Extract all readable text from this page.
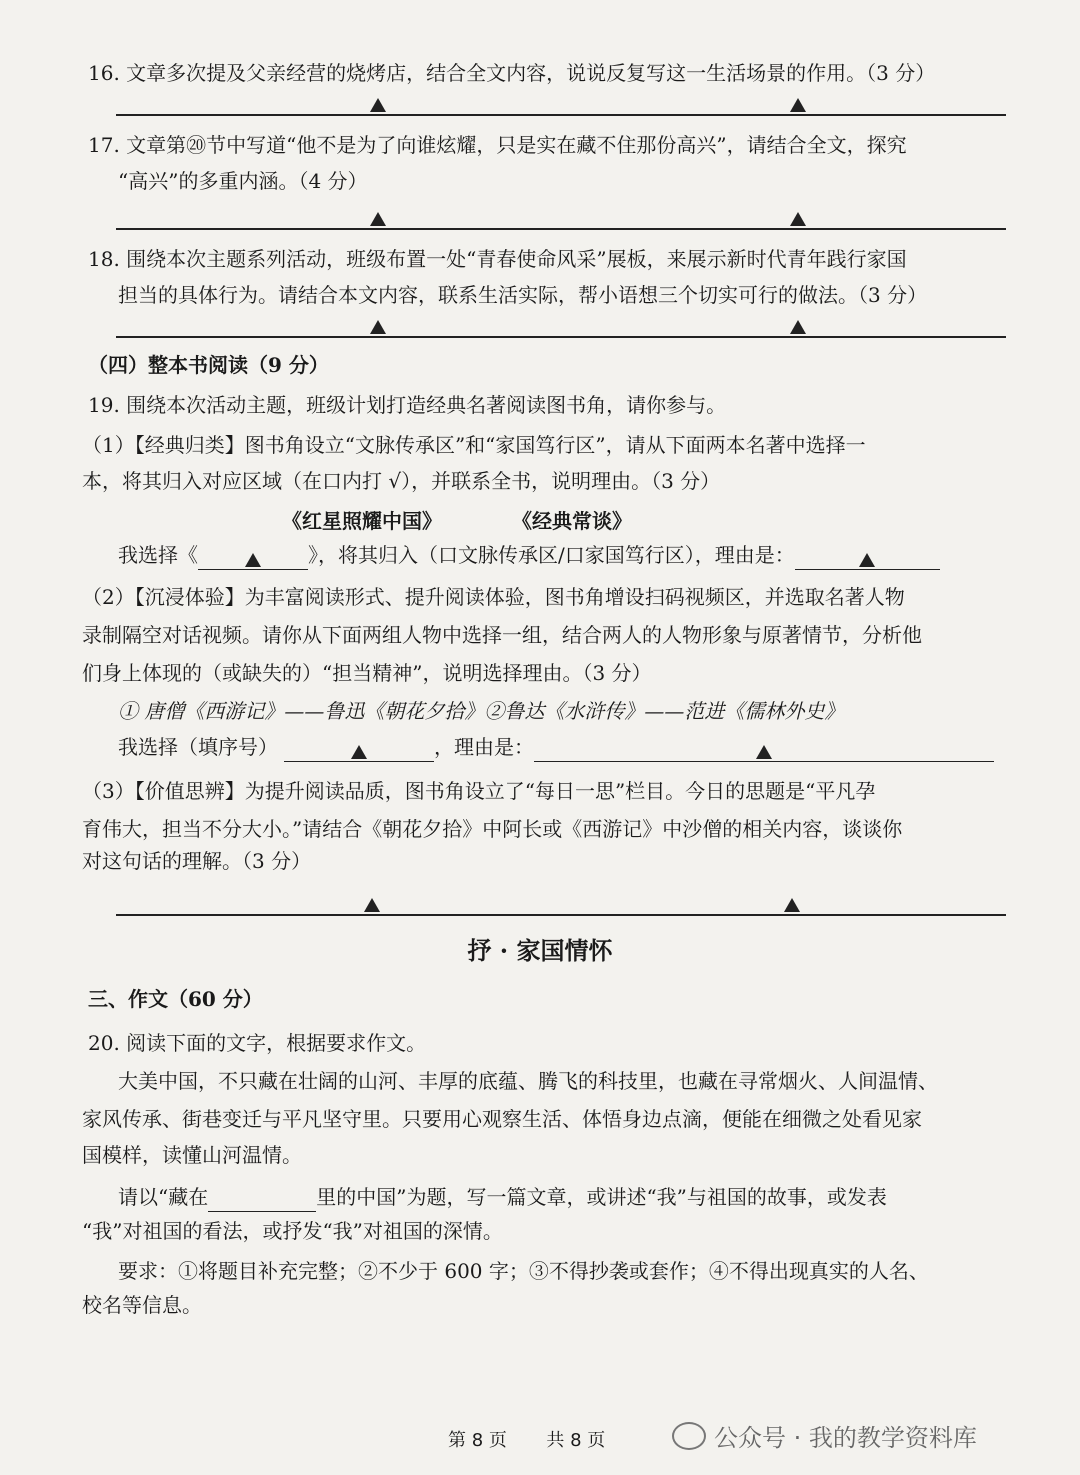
16. 文章多次提及父亲经营的烧烤店，结合全文内容，说说反复写这一生活场景的作用。（3 分）
17. 文章第⑳节中写道“他不是为了向谁炫耀，只是实在藏不住那份高兴”，请结合全文，探究
“高兴”的多重内涵。（4 分）
18. 围绕本次主题系列活动，班级布置一处“青春使命风采”展板，来展示新时代青年践行家国
担当的具体行为。请结合本文内容，联系生活实际，帮小语想三个切实可行的做法。（3 分）
（四）整本书阅读（9 分）
19. 围绕本次活动主题，班级计划打造经典名著阅读图书角，请你参与。
（1）【经典归类】图书角设立“文脉传承区”和“家国笃行区”，请从下面两本名著中选择一
本，将其归入对应区域（在口内打 √），并联系全书，说明理由。（3 分）
《红星照耀中国》	《经典常谈》
我选择《	》，将其归入（口文脉传承区/口家国笃行区），理由是：
（2）【沉浸体验】为丰富阅读形式、提升阅读体验，图书角增设扫码视频区，并选取名著人物
录制隔空对话视频。请你从下面两组人物中选择一组，结合两人的人物形象与原著情节，分析他
们身上体现的（或缺失的）“担当精神”，说明选择理由。（3 分）
① 唐僧《西游记》——鲁迅《朝花夕拾》②鲁达《水浒传》——范进《儒林外史》
我选择（填序号）	，理由是：
（3）【价值思辨】为提升阅读品质，图书角设立了“每日一思”栏目。今日的思题是“平凡孕
育伟大，担当不分大小。”请结合《朝花夕拾》中阿长或《西游记》中沙僧的相关内容，谈谈你
对这句话的理解。（3 分）
抒 · 家国情怀
三、作文（60 分）
20. 阅读下面的文字，根据要求作文。
大美中国，不只藏在壮阔的山河、丰厚的底蕴、腾飞的科技里，也藏在寻常烟火、人间温情、
家风传承、街巷变迁与平凡坚守里。只要用心观察生活、体悟身边点滴，便能在细微之处看见家
国模样，读懂山河温情。
请以“藏在	里的中国”为题，写一篇文章，或讲述“我”与祖国的故事，或发表
“我”对祖国的看法，或抒发“我”对祖国的深情。
要求：①将题目补充完整；②不少于 600 字；③不得抄袭或套作；④不得出现真实的人名、
校名等信息。
第 8 页 共 8 页	公众号 · 我的教学资料库
